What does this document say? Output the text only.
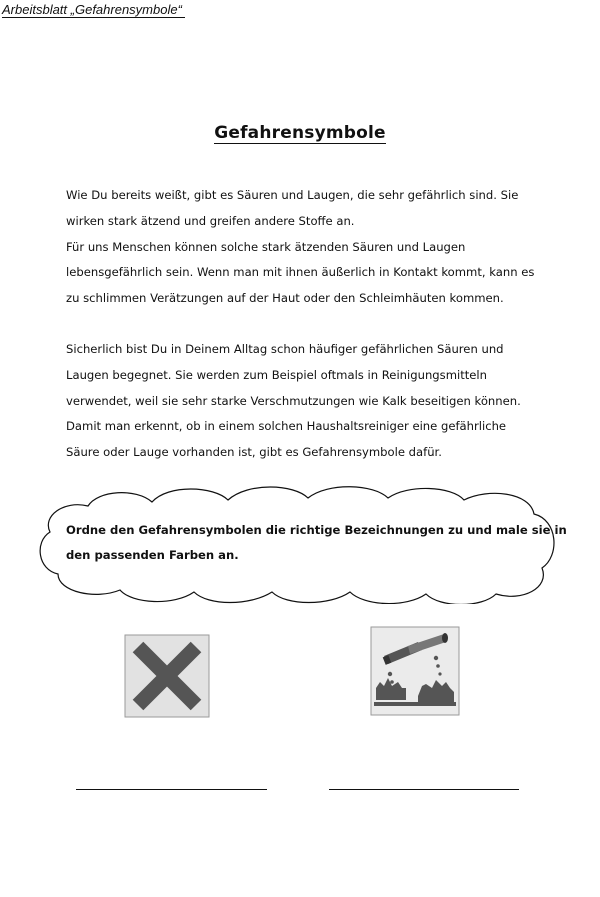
Arbeitsblatt „Gefahrensymbole“
Gefahrensymbole
Wie Du bereits weißt, gibt es Säuren und Laugen, die sehr gefährlich sind. Sie
wirken stark ätzend und greifen andere Stoffe an.
Für uns Menschen können solche stark ätzenden Säuren und Laugen
lebensgefährlich sein. Wenn man mit ihnen äußerlich in Kontakt kommt, kann es
zu schlimmen Verätzungen auf der Haut oder den Schleimhäuten kommen.
Sicherlich bist Du in Deinem Alltag schon häufiger gefährlichen Säuren und
Laugen begegnet. Sie werden zum Beispiel oftmals in Reinigungsmitteln
verwendet, weil sie sehr starke Verschmutzungen wie Kalk beseitigen können.
Damit man erkennt, ob in einem solchen Haushaltsreiniger eine gefährliche
Säure oder Lauge vorhanden ist, gibt es Gefahrensymbole dafür.
Ordne den Gefahrensymbolen die richtige Bezeichnungen zu und male sie in
den passenden Farben an.
